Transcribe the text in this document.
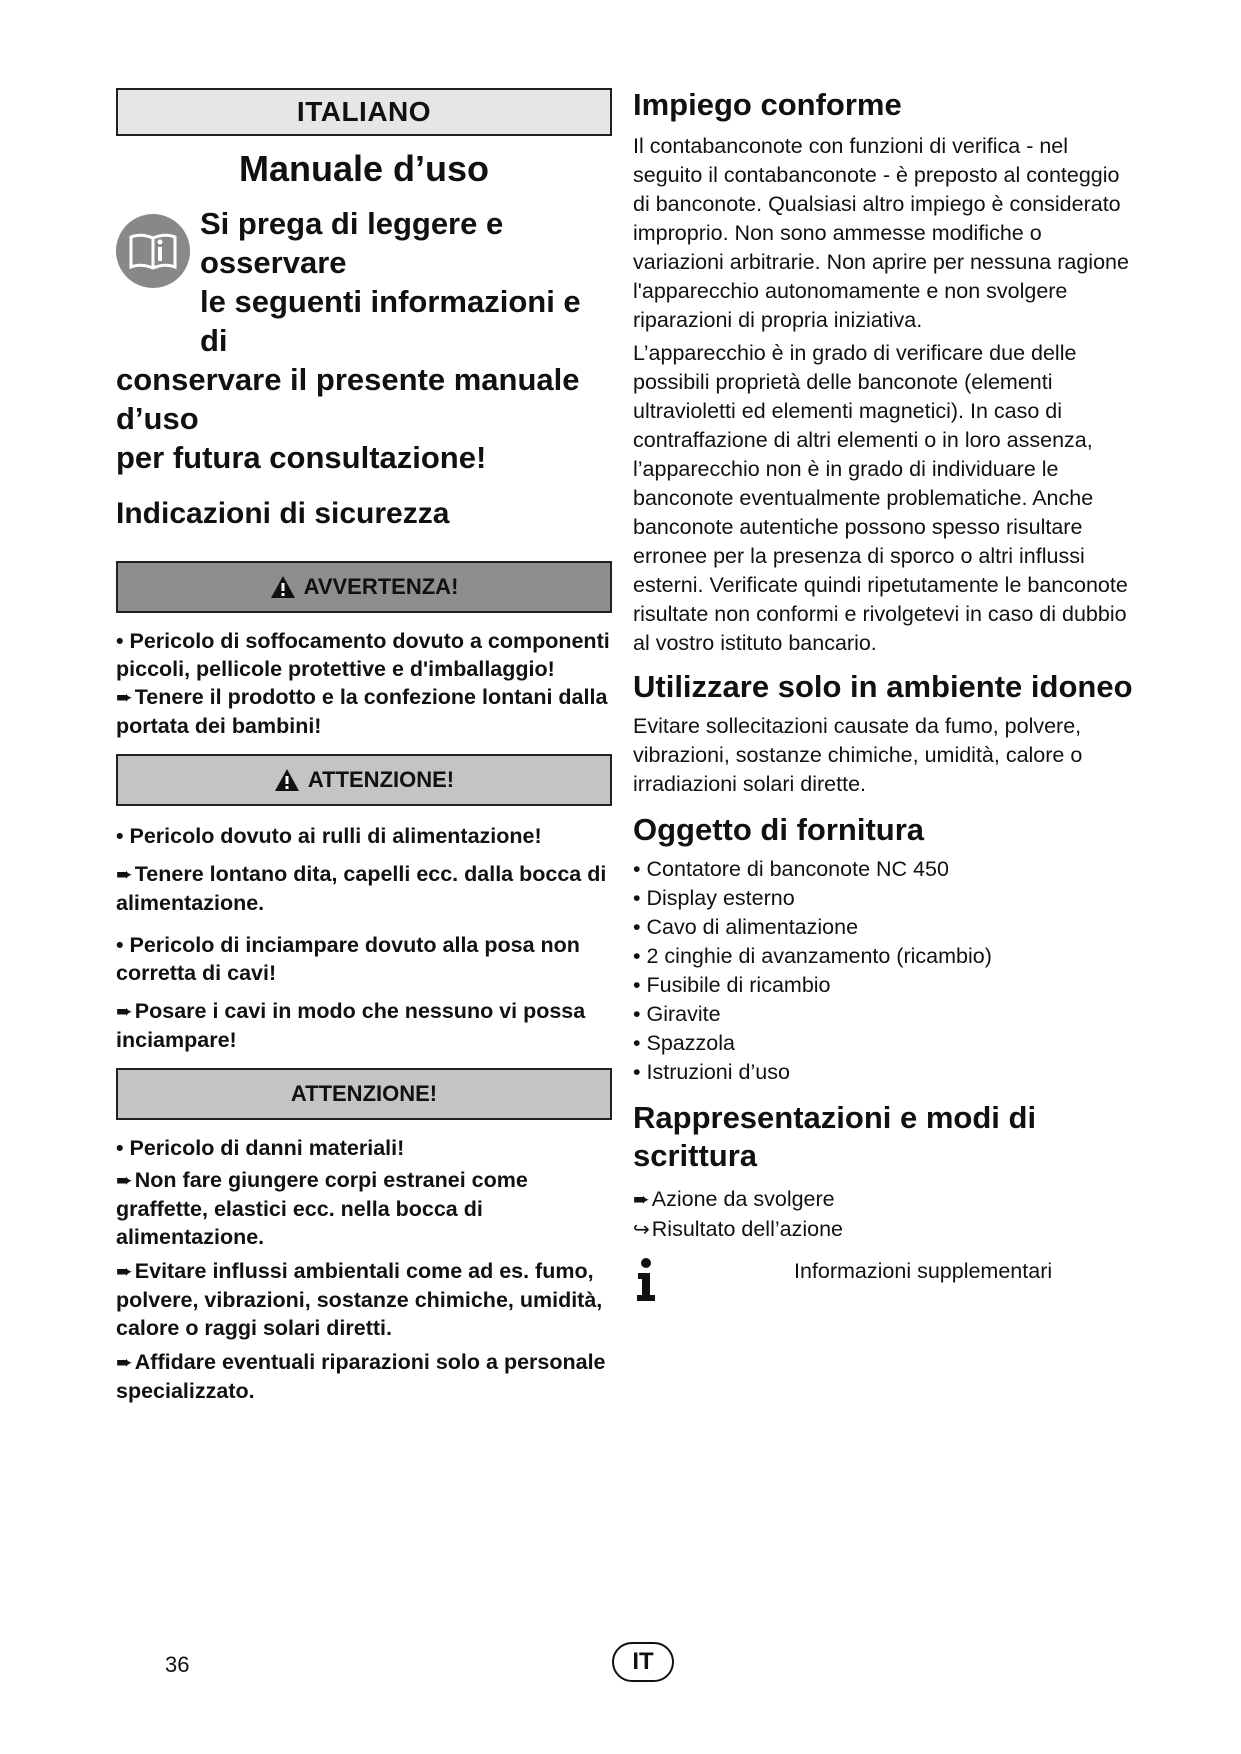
ITALIANO
Manuale d’uso
Si prega di leggere e osservare
le seguenti informazioni e di
conservare il presente manuale d’uso
per futura consultazione!
Indicazioni di sicurezza
AVVERTENZA!

• Pericolo di soffocamento dovuto a componenti piccoli, pellicole protettive e d'imballaggio!

➨Tenere il prodotto e la confezione lontani dalla portata dei bambini!

ATTENZIONE!

• Pericolo dovuto ai rulli di alimentazione!

➨Tenere lontano dita, capelli ecc. dalla bocca di alimentazione.

• Pericolo di inciampare dovuto alla posa non corretta di cavi!

➨Posare i cavi in modo che nessuno vi possa inciampare!

ATTENZIONE!

• Pericolo di danni materiali!

➨Non fare giungere corpi estranei come graffette, elastici ecc. nella bocca di alimentazione.

➨Evitare influssi ambientali come ad es. fumo, polvere, vibrazioni, sostanze chimiche, umidità, calore o raggi solari diretti.

➨Affidare eventuali riparazioni solo a personale specializzato.

Impiego conforme

Il contabanconote con funzioni di verifica - nel seguito il contabanconote - è preposto al conteggio di banconote. Qualsiasi altro impiego è considerato improprio. Non sono ammesse modifiche o variazioni arbitrarie. Non aprire per nessuna ragione l'apparecchio autonomamente e non svolgere riparazioni di propria iniziativa.

L’apparecchio è in grado di verificare due delle possibili proprietà delle banconote (elementi ultravioletti ed elementi magnetici). In caso di contraffazione di altri elementi o in loro assenza, l’apparecchio non è in grado di individuare le banconote eventualmente problematiche. Anche banconote autentiche possono spesso risultare erronee per la presenza di sporco o altri influssi esterni. Verificate quindi ripetutamente le banconote risultate non conformi e rivolgetevi in caso di dubbio al vostro istituto bancario.

Utilizzare solo in ambiente idoneo

Evitare sollecitazioni causate da fumo, polvere, vibrazioni, sostanze chimiche, umidità, calore o irradiazioni solari dirette.

Oggetto di fornitura
• Contatore di banconote NC 450
• Display esterno
• Cavo di alimentazione
• 2 cinghie di avanzamento (ricambio)
• Fusibile di ricambio
• Giravite
• Spazzola
• Istruzioni d’uso
Rappresentazioni e modi di scrittura
➨Azione da svolgere
↪Risultato dell’azione
Informazioni supplementari
36	IT
